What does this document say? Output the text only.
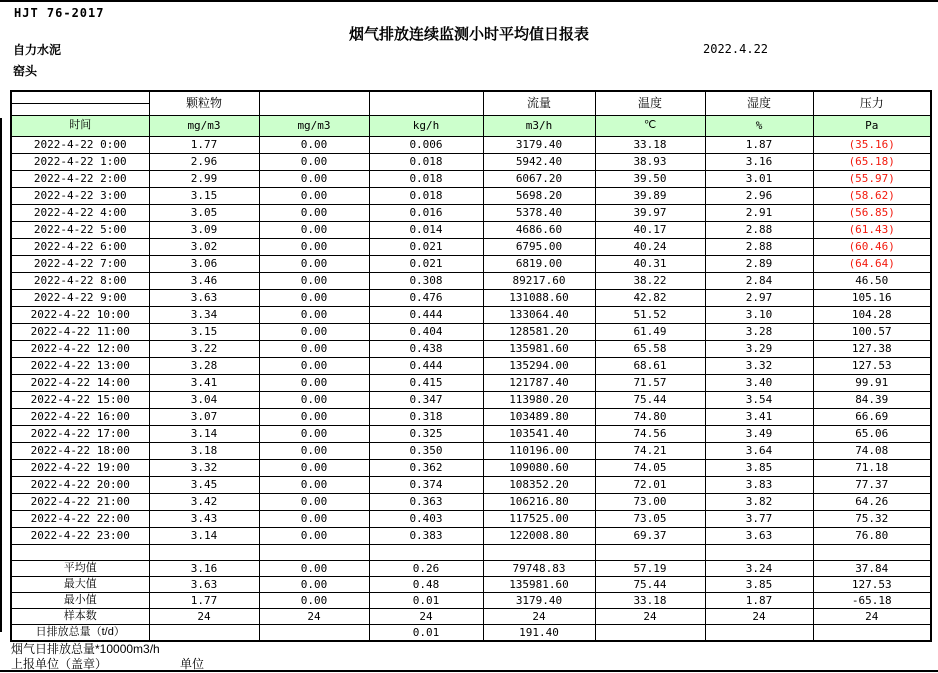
HJT 76-2017
烟气排放连续监测小时平均值日报表
自力水泥
窑头
2022.4.22
	颗粒物			流量	温度	湿度	压力

时间	mg/m3	mg/m3	kg/h	m3/h	℃	%	Pa
2022-4-22 0:00	1.77	0.00	0.006	3179.40	33.18	1.87	(35.16)
2022-4-22 1:00	2.96	0.00	0.018	5942.40	38.93	3.16	(65.18)
2022-4-22 2:00	2.99	0.00	0.018	6067.20	39.50	3.01	(55.97)
2022-4-22 3:00	3.15	0.00	0.018	5698.20	39.89	2.96	(58.62)
2022-4-22 4:00	3.05	0.00	0.016	5378.40	39.97	2.91	(56.85)
2022-4-22 5:00	3.09	0.00	0.014	4686.60	40.17	2.88	(61.43)
2022-4-22 6:00	3.02	0.00	0.021	6795.00	40.24	2.88	(60.46)
2022-4-22 7:00	3.06	0.00	0.021	6819.00	40.31	2.89	(64.64)
2022-4-22 8:00	3.46	0.00	0.308	89217.60	38.22	2.84	46.50
2022-4-22 9:00	3.63	0.00	0.476	131088.60	42.82	2.97	105.16
2022-4-22 10:00	3.34	0.00	0.444	133064.40	51.52	3.10	104.28
2022-4-22 11:00	3.15	0.00	0.404	128581.20	61.49	3.28	100.57
2022-4-22 12:00	3.22	0.00	0.438	135981.60	65.58	3.29	127.38
2022-4-22 13:00	3.28	0.00	0.444	135294.00	68.61	3.32	127.53
2022-4-22 14:00	3.41	0.00	0.415	121787.40	71.57	3.40	99.91
2022-4-22 15:00	3.04	0.00	0.347	113980.20	75.44	3.54	84.39
2022-4-22 16:00	3.07	0.00	0.318	103489.80	74.80	3.41	66.69
2022-4-22 17:00	3.14	0.00	0.325	103541.40	74.56	3.49	65.06
2022-4-22 18:00	3.18	0.00	0.350	110196.00	74.21	3.64	74.08
2022-4-22 19:00	3.32	0.00	0.362	109080.60	74.05	3.85	71.18
2022-4-22 20:00	3.45	0.00	0.374	108352.20	72.01	3.83	77.37
2022-4-22 21:00	3.42	0.00	0.363	106216.80	73.00	3.82	64.26
2022-4-22 22:00	3.43	0.00	0.403	117525.00	73.05	3.77	75.32
2022-4-22 23:00	3.14	0.00	0.383	122008.80	69.37	3.63	76.80

平均值	3.16	0.00	0.26	79748.83	57.19	3.24	37.84
最大值	3.63	0.00	0.48	135981.60	75.44	3.85	127.53
最小值	1.77	0.00	0.01	3179.40	33.18	1.87	-65.18
样本数	24	24	24	24	24	24	24
日排放总量（t/d）			0.01	191.40			
烟气日排放总量*10000m3/h
上报单位（盖章）	单位
